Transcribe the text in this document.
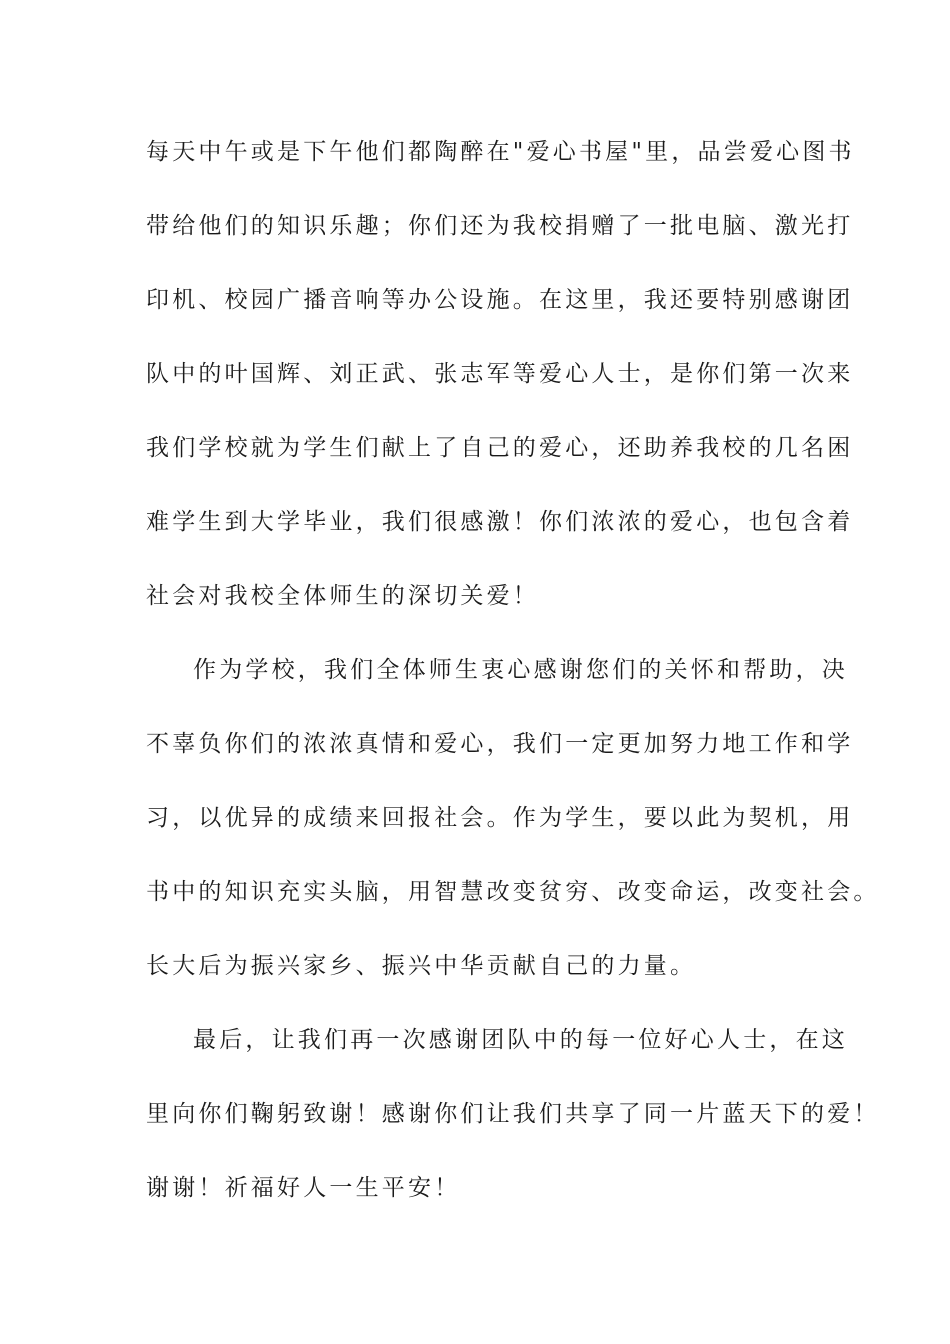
每天中午或是下午他们都陶醉在"爱心书屋"里，品尝爱心图书

带给他们的知识乐趣；你们还为我校捐赠了一批电脑、激光打

印机、校园广播音响等办公设施。在这里，我还要特别感谢团

队中的叶国辉、刘正武、张志军等爱心人士，是你们第一次来

我们学校就为学生们献上了自己的爱心，还助养我校的几名困

难学生到大学毕业，我们很感激！你们浓浓的爱心，也包含着

社会对我校全体师生的深切关爱！

作为学校，我们全体师生衷心感谢您们的关怀和帮助，决

不辜负你们的浓浓真情和爱心，我们一定更加努力地工作和学

习，以优异的成绩来回报社会。作为学生，要以此为契机，用

书中的知识充实头脑，用智慧改变贫穷、改变命运，改变社会。

长大后为振兴家乡、振兴中华贡献自己的力量。

最后，让我们再一次感谢团队中的每一位好心人士，在这

里向你们鞠躬致谢！感谢你们让我们共享了同一片蓝天下的爱！

谢谢！祈福好人一生平安！
